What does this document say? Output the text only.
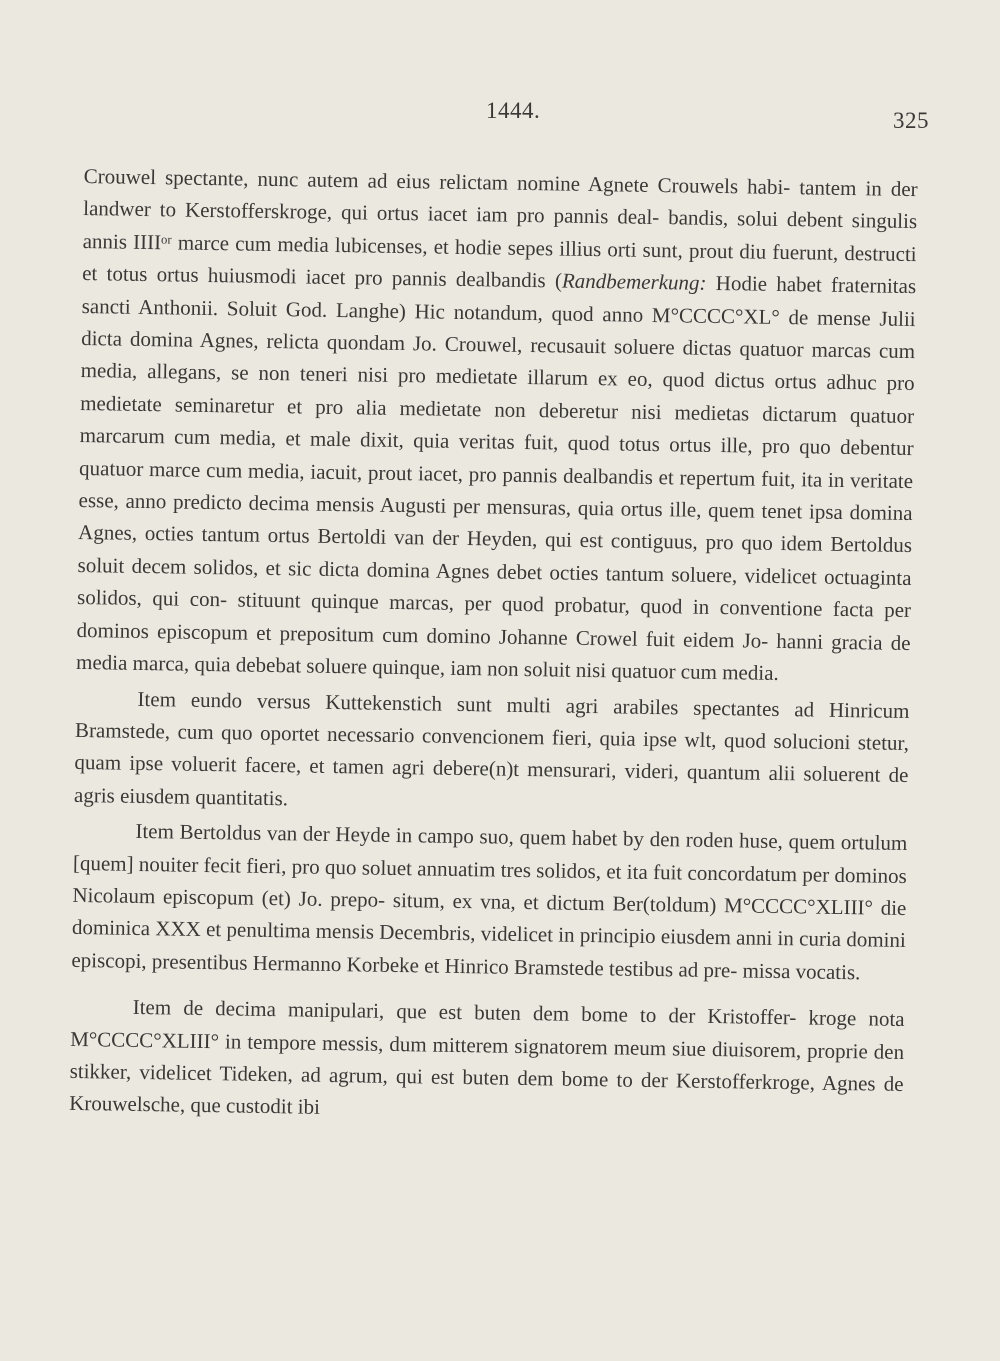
1444.	325

Crouwel spectante, nunc autem ad eius relictam nomine Agnete Crouwels habi- tantem in der landwer to Kerstofferskroge, qui ortus iacet iam pro pannis deal- bandis, solui debent singulis annis IIIIᵒʳ marce cum media lubicenses, et hodie sepes illius orti sunt, prout diu fuerunt, destructi et totus ortus huiusmodi iacet pro pannis dealbandis (Randbemerkung: Hodie habet fraternitas sancti Anthonii. Soluit God. Langhe) Hic notandum, quod anno M°CCCC°XL° de mense Julii dicta domina Agnes, relicta quondam Jo. Crouwel, recusauit soluere dictas quatuor marcas cum media, allegans, se non teneri nisi pro medietate illarum ex eo, quod dictus ortus adhuc pro medietate seminaretur et pro alia medietate non deberetur nisi medietas dictarum quatuor marcarum cum media, et male dixit, quia veritas fuit, quod totus ortus ille, pro quo debentur quatuor marce cum media, iacuit, prout iacet, pro pannis dealbandis et repertum fuit, ita in veritate esse, anno predicto decima mensis Augusti per mensuras, quia ortus ille, quem tenet ipsa domina Agnes, octies tantum ortus Bertoldi van der Heyden, qui est contiguus, pro quo idem Bertoldus soluit decem solidos, et sic dicta domina Agnes debet octies tantum soluere, videlicet octuaginta solidos, qui con- stituunt quinque marcas, per quod probatur, quod in conventione facta per dominos episcopum et prepositum cum domino Johanne Crowel fuit eidem Jo- hanni gracia de media marca, quia debebat soluere quinque, iam non soluit nisi quatuor cum media.

Item eundo versus Kuttekenstich sunt multi agri arabiles spectantes ad Hinricum Bramstede, cum quo oportet necessario convencionem fieri, quia ipse wlt, quod solucioni stetur, quam ipse voluerit facere, et tamen agri debere(n)t mensurari, videri, quantum alii soluerent de agris eiusdem quantitatis.

Item Bertoldus van der Heyde in campo suo, quem habet by den roden huse, quem ortulum [quem] nouiter fecit fieri, pro quo soluet annuatim tres solidos, et ita fuit concordatum per dominos Nicolaum episcopum (et) Jo. prepo- situm, ex vna, et dictum Ber(toldum) M°CCCC°XLIII° die dominica XXX et penultima mensis Decembris, videlicet in principio eiusdem anni in curia domini episcopi, presentibus Hermanno Korbeke et Hinrico Bramstede testibus ad pre- missa vocatis.

Item de decima manipulari, que est buten dem bome to der Kristoffer- kroge nota M°CCCC°XLIII° in tempore messis, dum mitterem signatorem meum siue diuisorem, proprie den stikker, videlicet Tideken, ad agrum, qui est buten dem bome to der Kerstofferkroge, Agnes de Krouwelsche, que custodit ibi
